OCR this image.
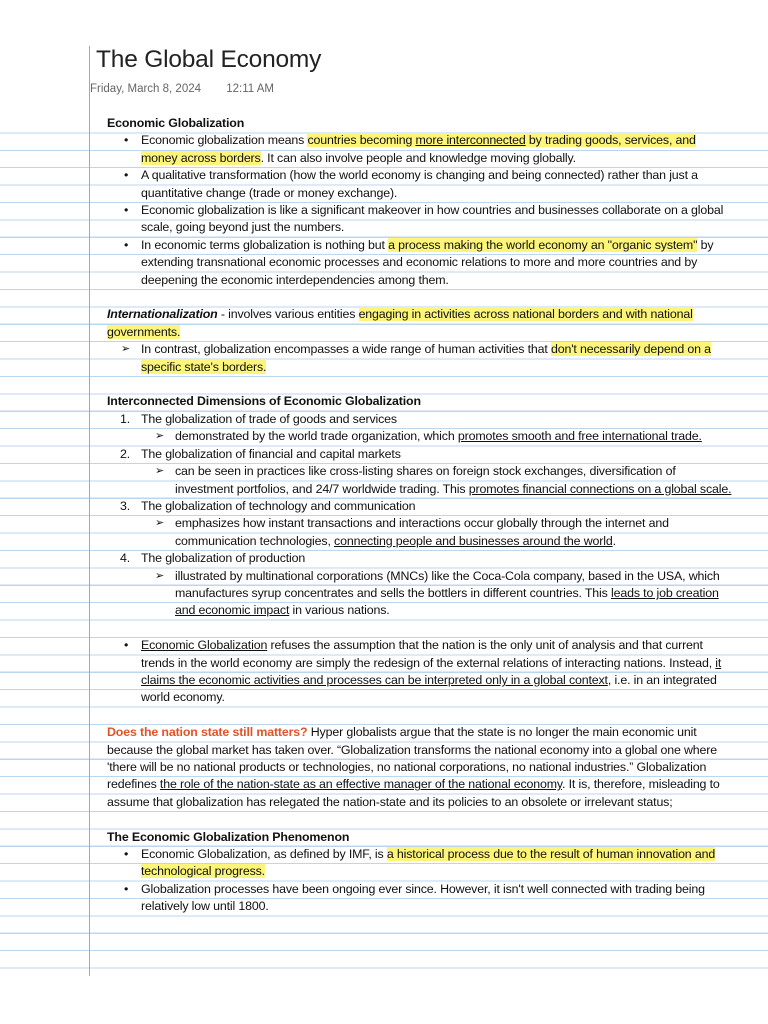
The Global Economy
Friday, March 8, 2024 12:11 AM

Economic Globalization

• Economic globalization means countries becoming more interconnected by trading goods, services, and money across borders. It can also involve people and knowledge moving globally.
• A qualitative transformation (how the world economy is changing and being connected) rather than just a quantitative change (trade or money exchange).
• Economic globalization is like a significant makeover in how countries and businesses collaborate on a global scale, going beyond just the numbers.
• In economic terms globalization is nothing but a process making the world economy an "organic system" by extending transnational economic processes and economic relations to more and more countries and by deepening the economic interdependencies among them.

Internationalization - involves various entities engaging in activities across national borders and with national governments.

➢ In contrast, globalization encompasses a wide range of human activities that don't necessarily depend on a specific state's borders.

Interconnected Dimensions of Economic Globalization

1. The globalization of trade of goods and services
➢ demonstrated by the world trade organization, which promotes smooth and free international trade.
2. The globalization of financial and capital markets
➢ can be seen in practices like cross-listing shares on foreign stock exchanges, diversification of investment portfolios, and 24/7 worldwide trading. This promotes financial connections on a global scale.
3. The globalization of technology and communication
➢ emphasizes how instant transactions and interactions occur globally through the internet and communication technologies, connecting people and businesses around the world.
4. The globalization of production
➢ illustrated by multinational corporations (MNCs) like the Coca-Cola company, based in the USA, which manufactures syrup concentrates and sells the bottlers in different countries. This leads to job creation and economic impact in various nations.
• Economic Globalization refuses the assumption that the nation is the only unit of analysis and that current trends in the world economy are simply the redesign of the external relations of interacting nations. Instead, it claims the economic activities and processes can be interpreted only in a global context, i.e. in an integrated world economy.

Does the nation state still matters? Hyper globalists argue that the state is no longer the main economic unit because the global market has taken over. “Globalization transforms the national economy into a global one where 'there will be no national products or technologies, no national corporations, no national industries.” Globalization redefines the role of the nation-state as an effective manager of the national economy. It is, therefore, misleading to assume that globalization has relegated the nation-state and its policies to an obsolete or irrelevant status;

The Economic Globalization Phenomenon

• Economic Globalization, as defined by IMF, is a historical process due to the result of human innovation and technological progress.
• Globalization processes have been ongoing ever since. However, it isn't well connected with trading being relatively low until 1800.
